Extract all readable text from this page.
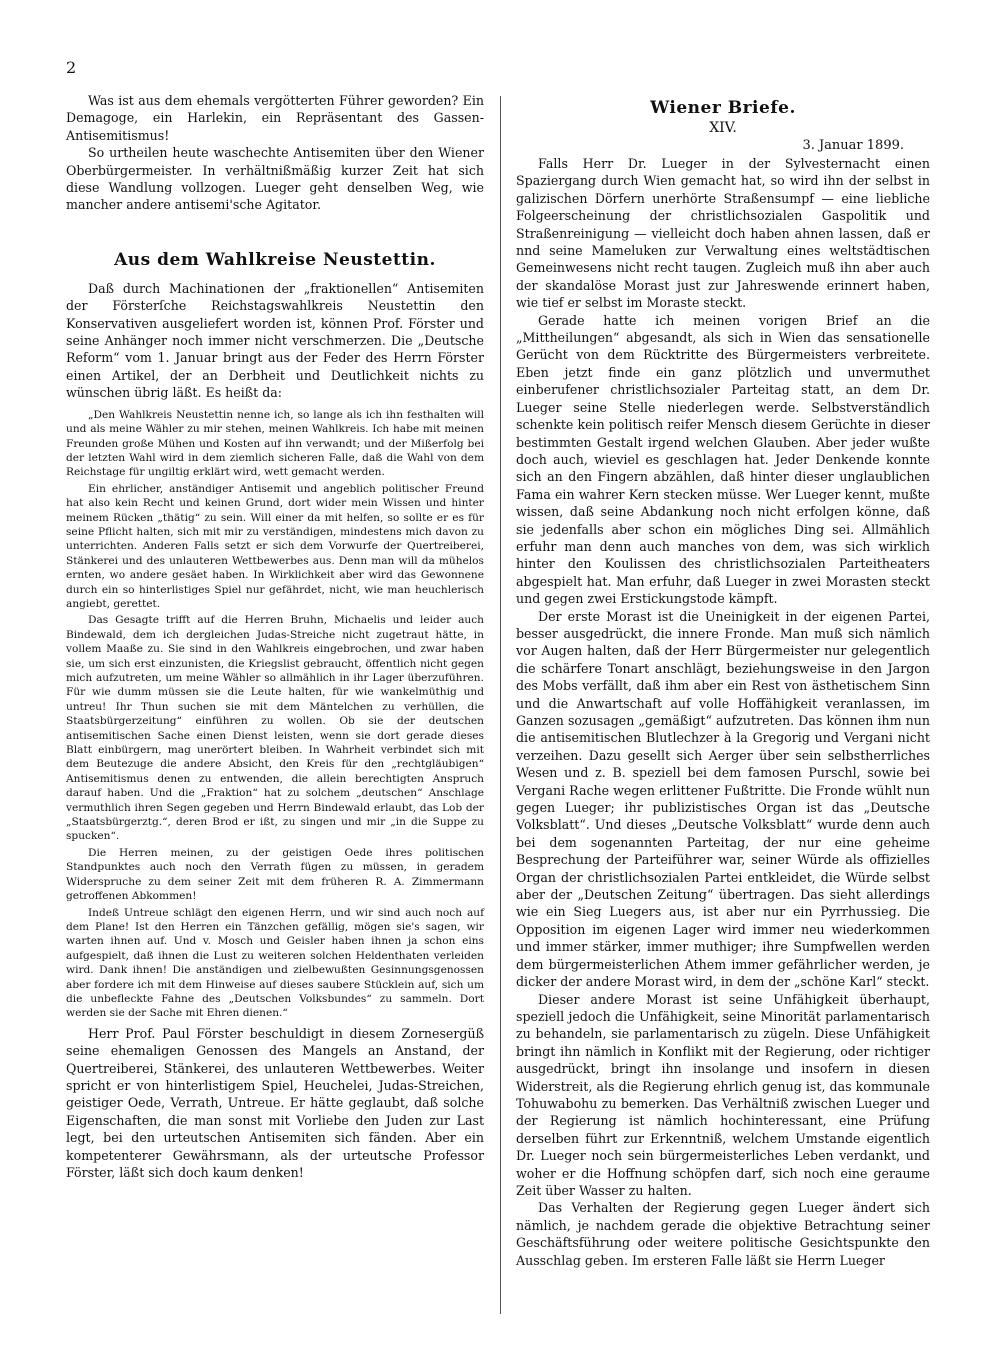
2

Was ist aus dem ehemals vergötterten Führer geworden? Ein Demagoge, ein Harlekin, ein Repräsentant des Gassen-Antisemitismus!

So urtheilen heute waschechte Antisemiten über den Wiener Oberbürgermeister. In verhältnißmäßig kurzer Zeit hat sich diese Wandlung vollzogen. Lueger geht denselben Weg, wie mancher andere antisemi'sche Agitator.

Aus dem Wahlkreise Neustettin.

Daß durch Machinationen der „fraktionellen“ Antisemiten der Försterſche Reichstagswahlkreis Neustettin den Konservativen ausgeliefert worden ist, können Prof. Förster und seine Anhänger noch immer nicht verschmerzen. Die „Deutsche Reform“ vom 1. Januar bringt aus der Feder des Herrn Förster einen Artikel, der an Derbheit und Deutlichkeit nichts zu wünschen übrig läßt. Es heißt da:

„Den Wahlkreis Neustettin nenne ich, so lange als ich ihn festhalten will und als meine Wähler zu mir stehen, meinen Wahlkreis. Ich habe mit meinen Freunden große Mühen und Kosten auf ihn verwandt; und der Mißerfolg bei der letzten Wahl wird in dem ziemlich sicheren Falle, daß die Wahl von dem Reichstage für ungiltig erklärt wird, wett gemacht werden.

Ein ehrlicher, anständiger Antisemit und angeblich politischer Freund hat also kein Recht und keinen Grund, dort wider mein Wissen und hinter meinem Rücken „thätig“ zu sein. Will einer da mit helfen, so sollte er es für seine Pflicht halten, sich mit mir zu verständigen, mindestens mich davon zu unterrichten. Anderen Falls setzt er sich dem Vorwurfe der Quertreiberei, Stänkerei und des unlauteren Wettbewerbes aus. Denn man will da mühelos ernten, wo andere gesäet haben. In Wirklichkeit aber wird das Gewonnene durch ein so hinterlistiges Spiel nur gefährdet, nicht, wie man heuchlerisch angiebt, gerettet.

Das Gesagte trifft auf die Herren Bruhn, Michaelis und leider auch Bindewald, dem ich dergleichen Judas-Streiche nicht zugetraut hätte, in vollem Maaße zu. Sie sind in den Wahlkreis eingebrochen, und zwar haben sie, um sich erst einzunisten, die Kriegslist gebraucht, öffentlich nicht gegen mich aufzutreten, um meine Wähler so allmählich in ihr Lager überzuführen. Für wie dumm müssen sie die Leute halten, für wie wankelmüthig und untreu! Ihr Thun suchen sie mit dem Mäntelchen zu verhüllen, die Staatsbürgerzeitung“ einführen zu wollen. Ob sie der deutschen antisemitischen Sache einen Dienst leisten, wenn sie dort gerade dieses Blatt einbürgern, mag unerörtert bleiben. In Wahrheit verbindet sich mit dem Beutezuge die andere Absicht, den Kreis für den „rechtgläubigen“ Antisemitismus denen zu entwenden, die allein berechtigten Anspruch darauf haben. Und die „Fraktion“ hat zu solchem „deutschen“ Anschlage vermuthlich ihren Segen gegeben und Herrn Bindewald erlaubt, das Lob der „Staatsbürgerztg.“, deren Brod er ißt, zu singen und mir „in die Suppe zu spucken“.

Die Herren meinen, zu der geistigen Oede ihres politischen Standpunktes auch noch den Verrath fügen zu müssen, in geradem Widerspruche zu dem seiner Zeit mit dem früheren R. A. Zimmermann getroffenen Abkommen!

Indeß Untreue schlägt den eigenen Herrn, und wir sind auch noch auf dem Plane! Ist den Herren ein Tänzchen gefällig, mögen sie's sagen, wir warten ihnen auf. Und v. Mosch und Geisler haben ihnen ja schon eins aufgespielt, daß ihnen die Lust zu weiteren solchen Heldenthaten verleiden wird. Dank ihnen! Die anständigen und zielbewußten Gesinnungsgenossen aber fordere ich mit dem Hinweise auf dieses saubere Stücklein auf, sich um die unbefleckte Fahne des „Deutschen Volksbundes“ zu sammeln. Dort werden sie der Sache mit Ehren dienen.“

Herr Prof. Paul Förster beschuldigt in diesem Zornesergüß seine ehemaligen Genossen des Mangels an Anstand, der Quertreiberei, Stänkerei, des unlauteren Wettbewerbes. Weiter spricht er von hinterlistigem Spiel, Heuchelei, Judas-Streichen, geistiger Oede, Verrath, Untreue. Er hätte geglaubt, daß solche Eigenschaften, die man sonst mit Vorliebe den Juden zur Last legt, bei den urteutschen Antisemiten sich fänden. Aber ein kompetenterer Gewährsmann, als der urteutsche Professor Förster, läßt sich doch kaum denken!

Wiener Briefe.
XIV.
3. Januar 1899.

Falls Herr Dr. Lueger in der Sylvesternacht einen Spaziergang durch Wien gemacht hat, so wird ihn der selbst in galizischen Dörfern unerhörte Straßensumpf — eine liebliche Folgeerscheinung der christlichsozialen Gaspolitik und Straßenreinigung — vielleicht doch haben ahnen lassen, daß er nnd seine Mameluken zur Verwaltung eines weltstädtischen Gemeinwesens nicht recht taugen. Zugleich muß ihn aber auch der skandalöse Morast just zur Jahreswende erinnert haben, wie tief er selbst im Moraste steckt.

Gerade hatte ich meinen vorigen Brief an die „Mittheilungen“ abgesandt, als sich in Wien das sensationelle Gerücht von dem Rücktritte des Bürgermeisters verbreitete. Eben jetzt finde ein ganz plötzlich und unvermuthet einberufener christlichsozialer Parteitag statt, an dem Dr. Lueger seine Stelle niederlegen werde. Selbstverständlich schenkte kein politisch reifer Mensch diesem Gerüchte in dieser bestimmten Gestalt irgend welchen Glauben. Aber jeder wußte doch auch, wieviel es geschlagen hat. Jeder Denkende konnte sich an den Fingern abzählen, daß hinter dieser unglaublichen Fama ein wahrer Kern stecken müsse. Wer Lueger kennt, mußte wissen, daß seine Abdankung noch nicht erfolgen könne, daß sie jedenfalls aber schon ein mögliches Ding sei. Allmählich erfuhr man denn auch manches von dem, was sich wirklich hinter den Koulissen des christlichsozialen Parteitheaters abgespielt hat. Man erfuhr, daß Lueger in zwei Morasten steckt und gegen zwei Erstickungstode kämpft.

Der erste Morast ist die Uneinigkeit in der eigenen Partei, besser ausgedrückt, die innere Fronde. Man muß sich nämlich vor Augen halten, daß der Herr Bürgermeister nur gelegentlich die schärfere Tonart anschlägt, beziehungsweise in den Jargon des Mobs verfällt, daß ihm aber ein Rest von ästhetischem Sinn und die Anwartschaft auf volle Hoffähigkeit veranlassen, im Ganzen sozusagen „gemäßigt“ aufzutreten. Das können ihm nun die antisemitischen Blutlechzer à la Gregorig und Vergani nicht verzeihen. Dazu gesellt sich Aerger über sein selbstherrliches Wesen und z. B. speziell bei dem famosen Purschl, sowie bei Vergani Rache wegen erlittener Fußtritte. Die Fronde wühlt nun gegen Lueger; ihr publizistisches Organ ist das „Deutsche Volksblatt“. Und dieses „Deutsche Volksblatt“ wurde denn auch bei dem sogenannten Parteitag, der nur eine geheime Besprechung der Parteiführer war, seiner Würde als offizielles Organ der christlichsozialen Partei entkleidet, die Würde selbst aber der „Deutschen Zeitung“ übertragen. Das sieht allerdings wie ein Sieg Luegers aus, ist aber nur ein Pyrrhussieg. Die Opposition im eigenen Lager wird immer neu wiederkommen und immer stärker, immer muthiger; ihre Sumpfwellen werden dem bürgermeisterlichen Athem immer gefährlicher werden, je dicker der andere Morast wird, in dem der „schöne Karl“ steckt.

Dieser andere Morast ist seine Unfähigkeit überhaupt, speziell jedoch die Unfähigkeit, seine Minorität parlamentarisch zu behandeln, sie parlamentarisch zu zügeln. Diese Unfähigkeit bringt ihn nämlich in Konflikt mit der Regierung, oder richtiger ausgedrückt, bringt ihn insolange und insofern in diesen Widerstreit, als die Regierung ehrlich genug ist, das kommunale Tohuwabohu zu bemerken. Das Verhältniß zwischen Lueger und der Regierung ist nämlich hochinteressant, eine Prüfung derselben führt zur Erkenntniß, welchem Umstande eigentlich Dr. Lueger noch sein bürgermeisterliches Leben verdankt, und woher er die Hoffnung schöpfen darf, sich noch eine geraume Zeit über Wasser zu halten.

Das Verhalten der Regierung gegen Lueger ändert sich nämlich, je nachdem gerade die objektive Betrachtung seiner Geschäftsführung oder weitere politische Gesichtspunkte den Ausschlag geben. Im ersteren Falle läßt sie Herrn Lueger
